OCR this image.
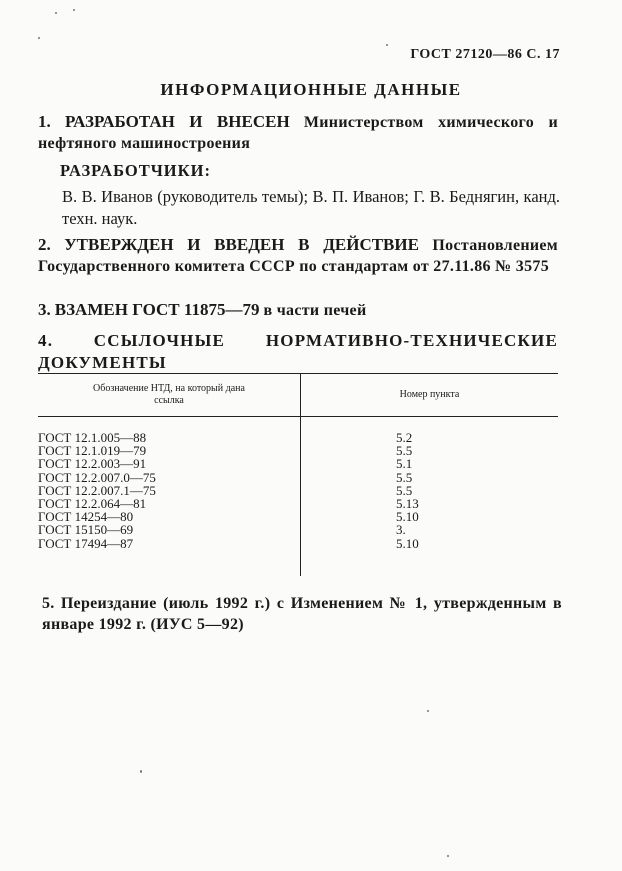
ГОСТ 27120—86 С. 17
ИНФОРМАЦИОННЫЕ ДАННЫЕ
1. РАЗРАБОТАН И ВНЕСЕН Министерством химического и нефтяного машиностроения
РАЗРАБОТЧИКИ:
В. В. Иванов (руководитель темы); В. П. Иванов; Г. В. Беднягин, канд. техн. наук.
2. УТВЕРЖДЕН И ВВЕДЕН В ДЕЙСТВИЕ Постановлением Государственного комитета СССР по стандартам от 27.11.86 № 3575
3. ВЗАМЕН ГОСТ 11875—79 в части печей
4. ССЫЛОЧНЫЕ НОРМАТИВНО-ТЕХНИЧЕСКИЕ ДОКУМЕНТЫ
Обозначение НТД, на который дана ссылка	Номер пункта

ГОСТ 12.1.005—88	5.2
ГОСТ 12.1.019—79	5.5
ГОСТ 12.2.003—91	5.1
ГОСТ 12.2.007.0—75	5.5
ГОСТ 12.2.007.1—75	5.5
ГОСТ 12.2.064—81	5.13
ГОСТ 14254—80	5.10
ГОСТ 15150—69	3.
ГОСТ 17494—87	5.10

5. Переиздание (июль 1992 г.) с Изменением № 1, утвержденным в январе 1992 г. (ИУС 5—92)
